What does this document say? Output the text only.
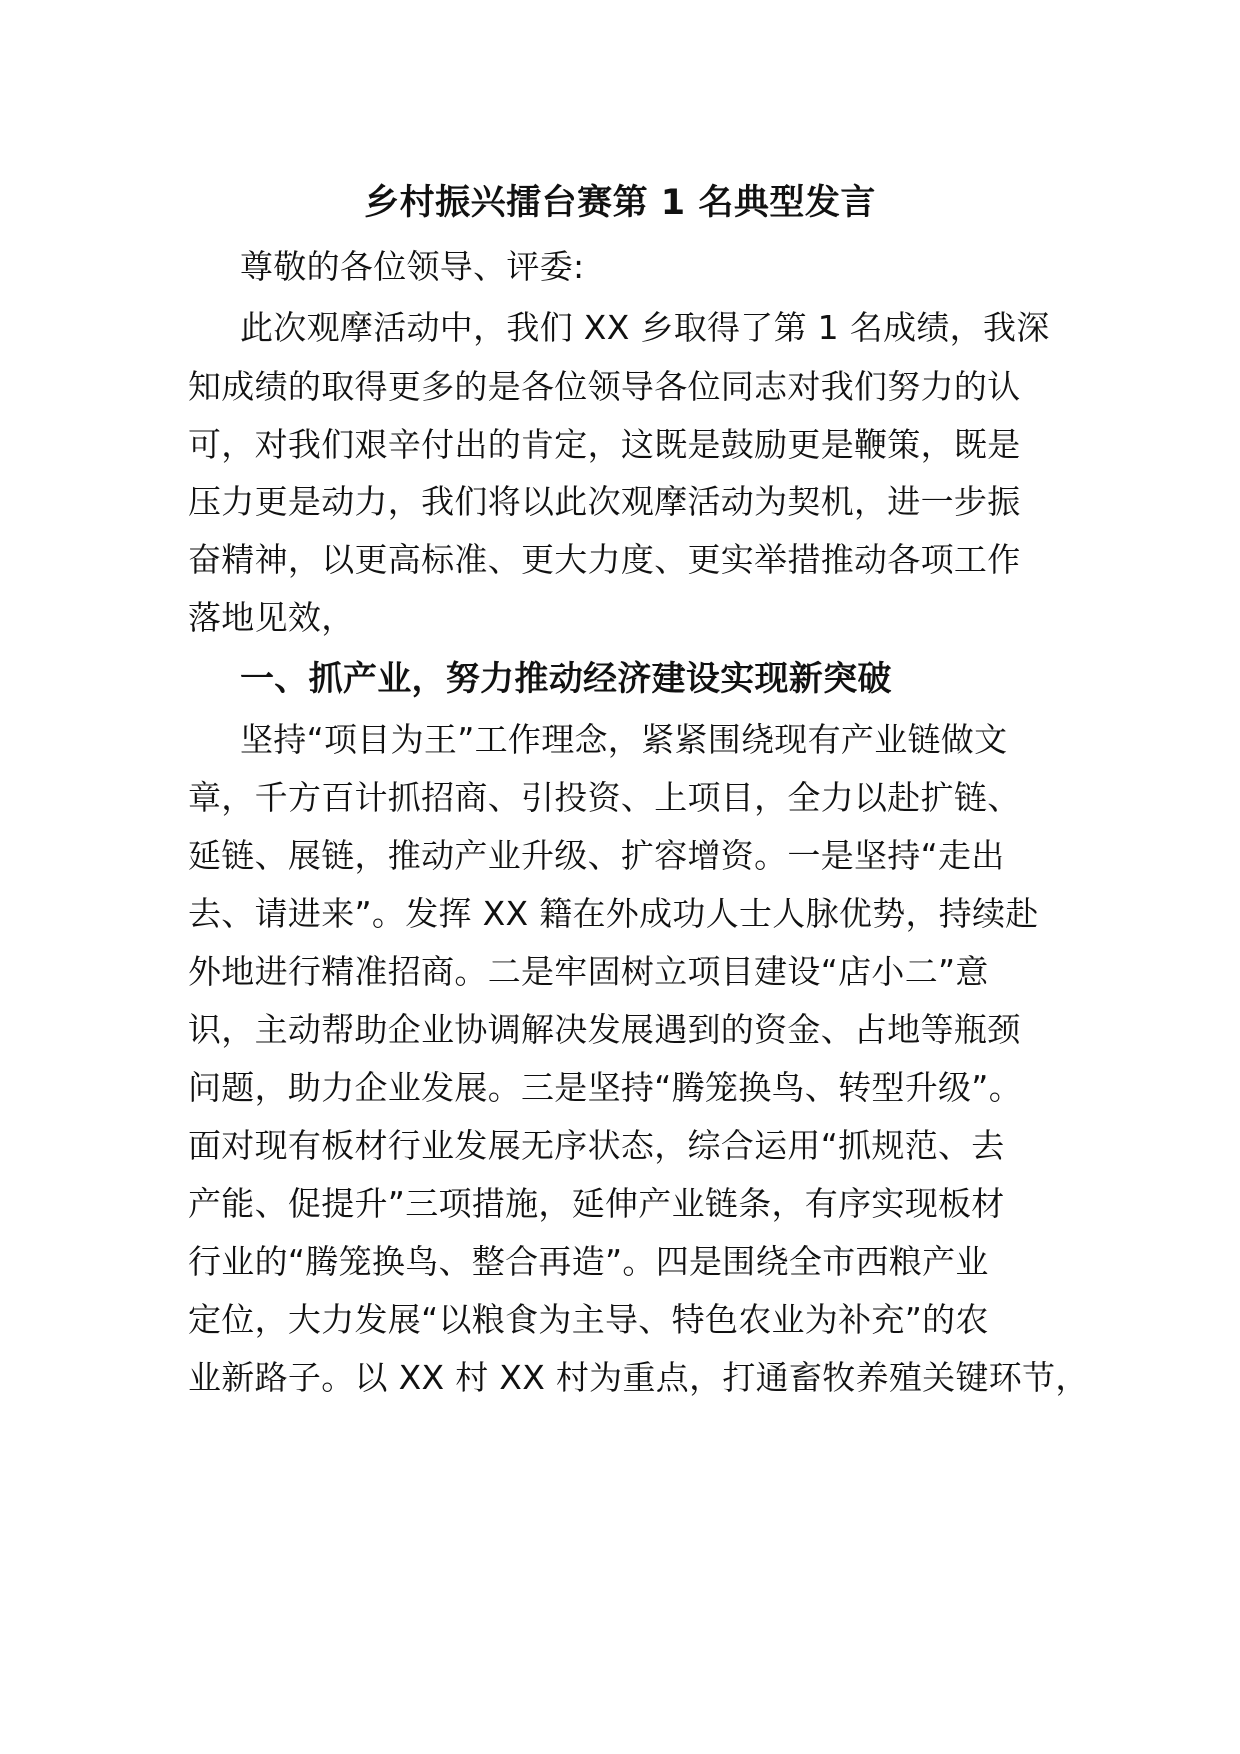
乡村振兴擂台赛第 1 名典型发言
尊敬的各位领导、评委:
此次观摩活动中，我们 XX 乡取得了第 1 名成绩，我深
知成绩的取得更多的是各位领导各位同志对我们努力的认
可，对我们艰辛付出的肯定，这既是鼓励更是鞭策，既是
压力更是动力，我们将以此次观摩活动为契机，进一步振
奋精神，以更高标准、更大力度、更实举措推动各项工作
落地见效，
一、抓产业，努力推动经济建设实现新突破
坚持“项目为王”工作理念，紧紧围绕现有产业链做文
章，千方百计抓招商、引投资、上项目，全力以赴扩链、
延链、展链，推动产业升级、扩容增资。一是坚持“走出
去、请进来”。发挥 XX 籍在外成功人士人脉优势，持续赴
外地进行精准招商。二是牢固树立项目建设“店小二”意
识，主动帮助企业协调解决发展遇到的资金、占地等瓶颈
问题，助力企业发展。三是坚持“腾笼换鸟、转型升级”。
面对现有板材行业发展无序状态，综合运用“抓规范、去
产能、促提升”三项措施，延伸产业链条，有序实现板材
行业的“腾笼换鸟、整合再造”。四是围绕全市西粮产业
定位，大力发展“以粮食为主导、特色农业为补充”的农
业新路子。以 XX 村 XX 村为重点，打通畜牧养殖关键环节，
